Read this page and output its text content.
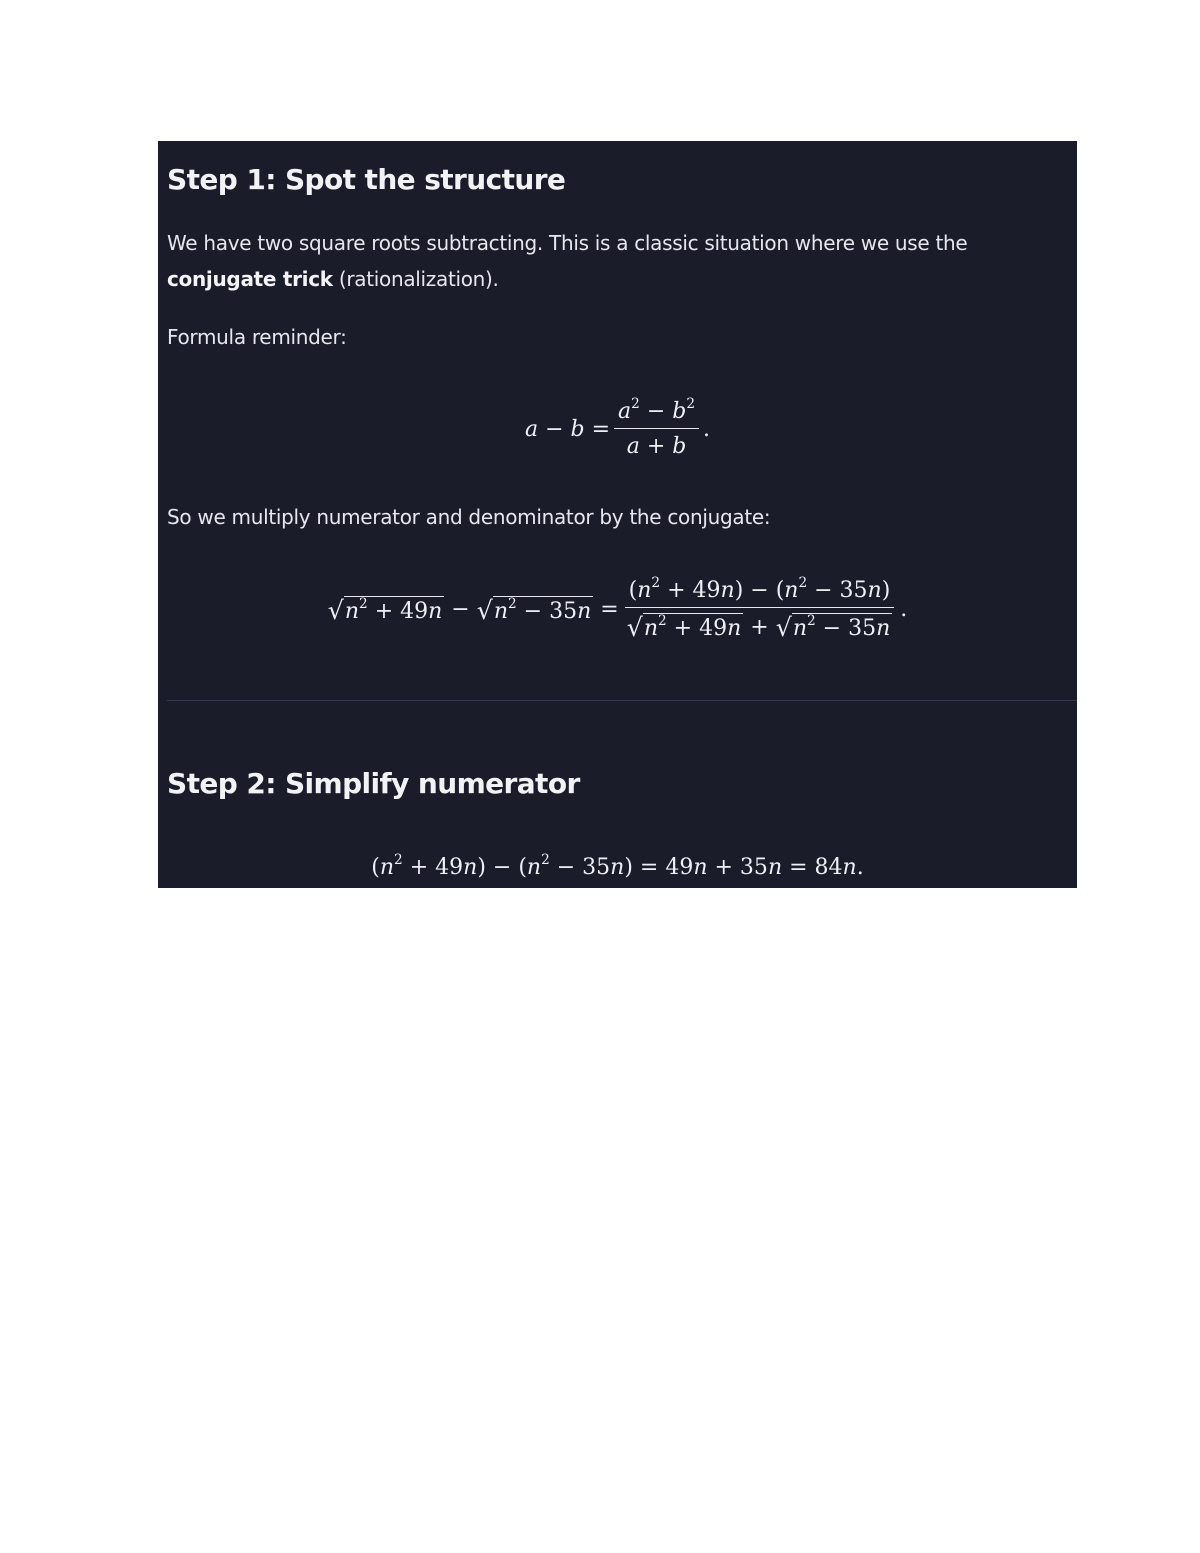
Step 1: Spot the structure

We have two square roots subtracting. This is a classic situation where we use the conjugate trick (rationalization).

Formula reminder:

$a - b = \frac{a^2 - b^2}{a + b}$ .

So we multiply numerator and denominator by the conjugate:

√ $n^2 + 49n$ − √ $n^2 - 35n = \frac{(n^2 + 49n) - (n^2 - 35n)}{√ n^2 + 49n + √ n^2 - 35n}$ .
Step 2: Simplify numerator
$(n^2 + 49n) - (n^2 - 35n) = 49n + 35n = 84n$.
